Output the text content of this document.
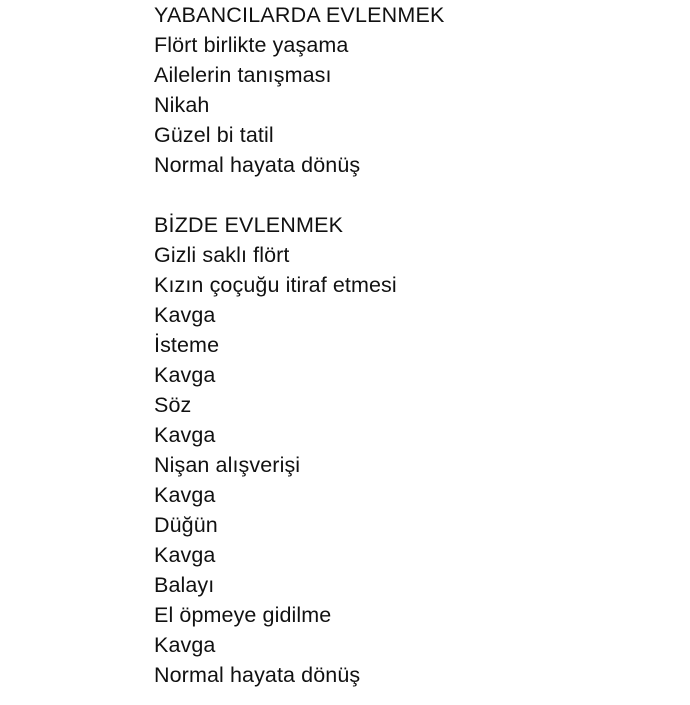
YABANCILARDA EVLENMEK
Flört birlikte yaşama
Ailelerin tanışması
Nikah
Güzel bi tatil
Normal hayata dönüş
BİZDE EVLENMEK
Gizli saklı flört
Kızın çoçuğu itiraf etmesi
Kavga
İsteme
Kavga
Söz
Kavga
Nişan alışverişi
Kavga
Düğün
Kavga
Balayı
El öpmeye gidilme
Kavga
Normal hayata dönüş
